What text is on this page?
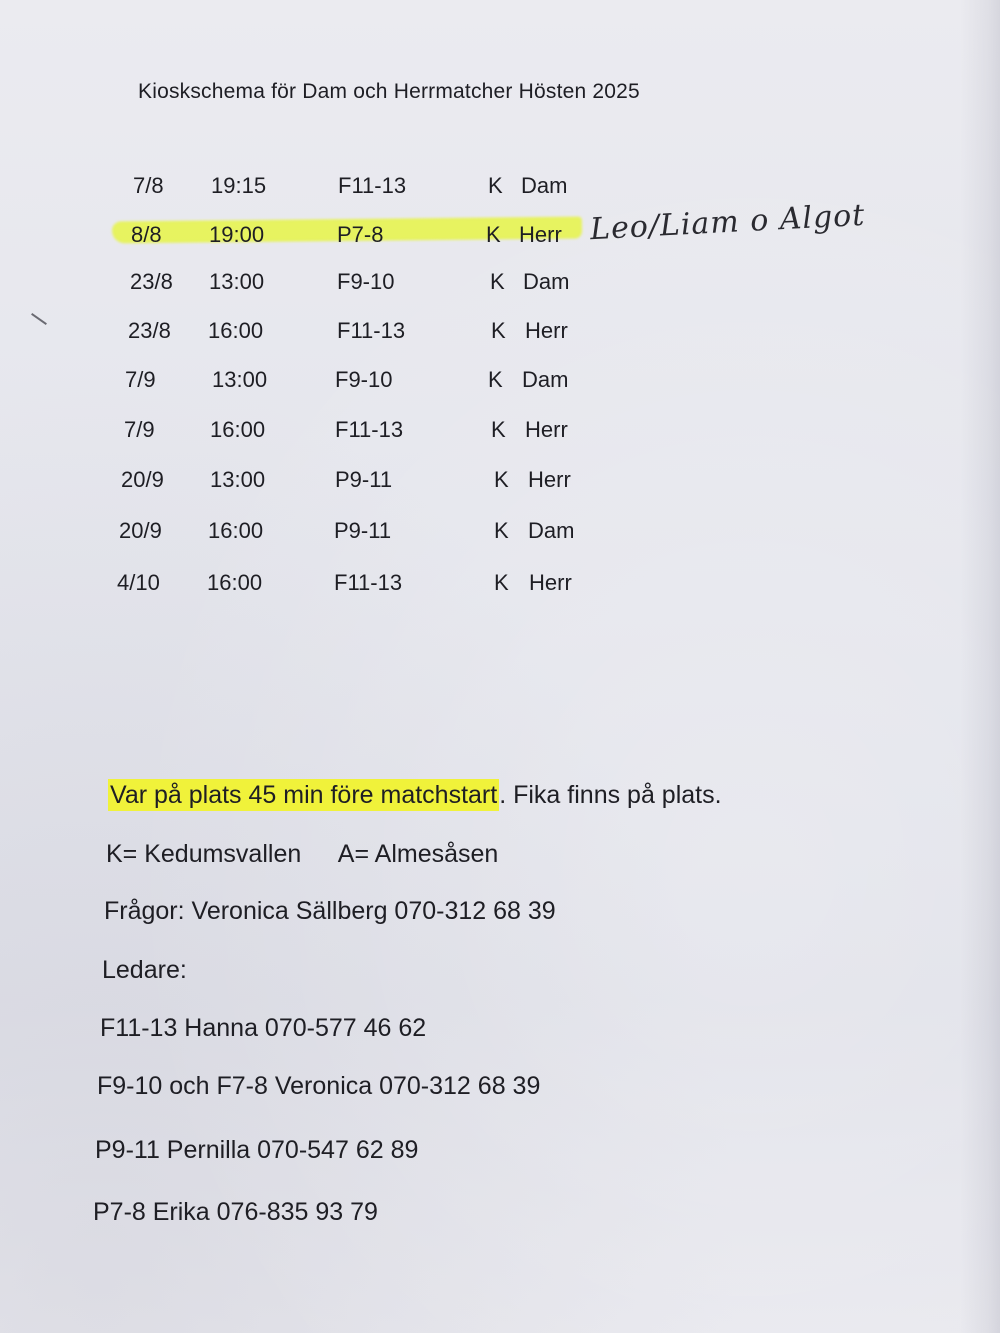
Kioskschema för Dam och Herrmatcher Hösten 2025
7/8 19:15	F11-13	K Dam
8/8 19:00	P7-8	K Herr
23/8 13:00	F9-10	K Dam
23/8 16:00	F11-13	K Herr
7/9	13:00	F9-10	K Dam
7/9	16:00	F11-13	K Herr
20/9 13:00	P9-11	K Herr
20/9 16:00	P9-11	K Dam
4/10 16:00	F11-13	K Herr
Leo/Liam o Algot
Var på plats 45 min före matchstart. Fika finns på plats.
K= Kedumsvallen A= Almesåsen
Frågor: Veronica Sällberg 070-312 68 39
Ledare:
F11-13 Hanna 070-577 46 62
F9-10 och F7-8 Veronica 070-312 68 39
P9-11 Pernilla 070-547 62 89
P7-8 Erika 076-835 93 79
